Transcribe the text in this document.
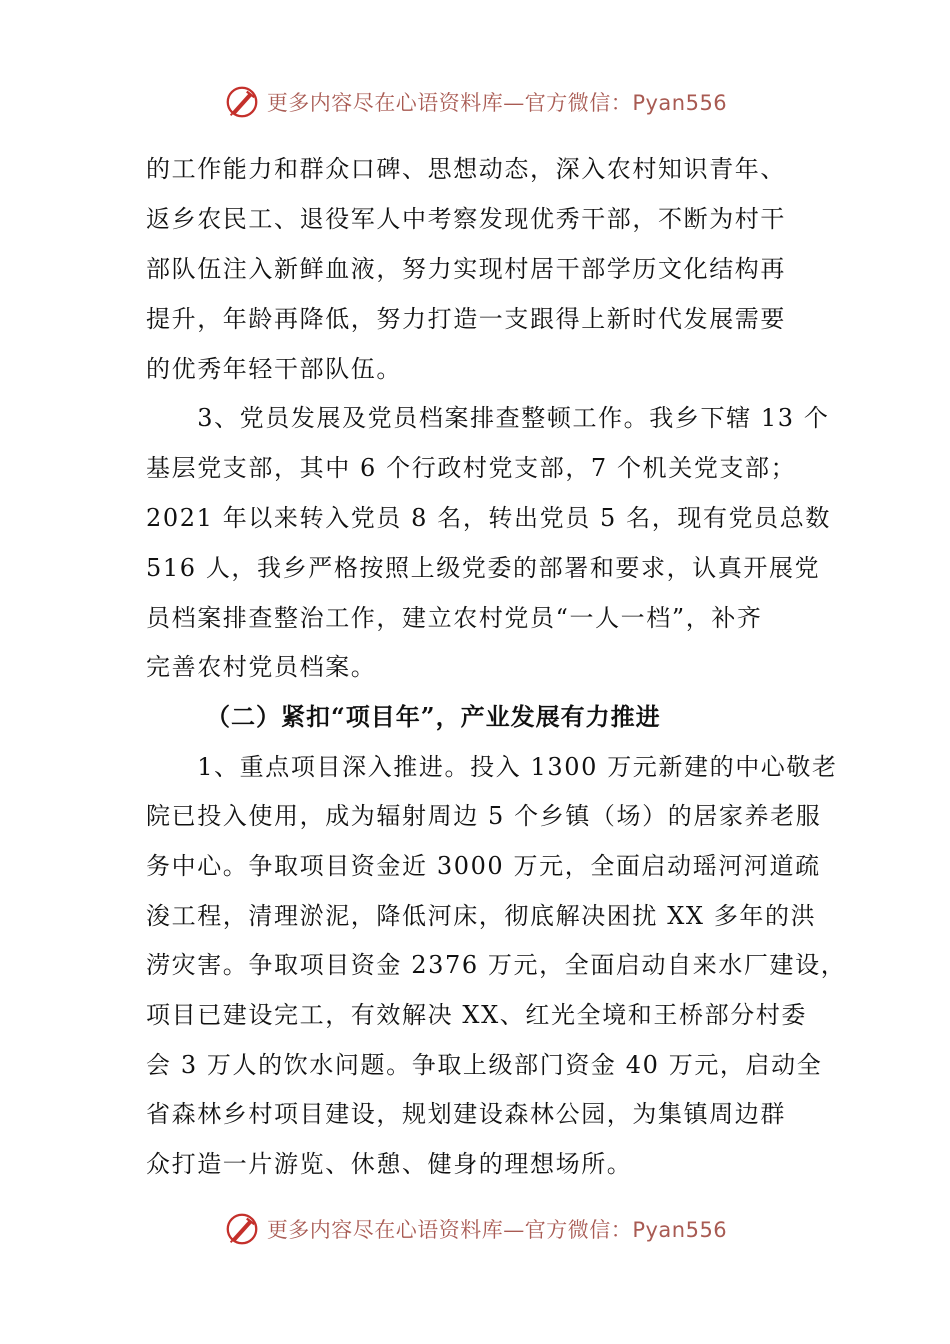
更多内容尽在心语资料库—官方微信：Pyan556
的工作能力和群众口碑、思想动态，深入农村知识青年、
返乡农民工、退役军人中考察发现优秀干部，不断为村干
部队伍注入新鲜血液，努力实现村居干部学历文化结构再
提升，年龄再降低，努力打造一支跟得上新时代发展需要
的优秀年轻干部队伍。
　　3、党员发展及党员档案排查整顿工作。我乡下辖 13 个
基层党支部，其中 6 个行政村党支部，7 个机关党支部；
2021 年以来转入党员 8 名，转出党员 5 名，现有党员总数
516 人，我乡严格按照上级党委的部署和要求，认真开展党
员档案排查整治工作，建立农村党员“一人一档”，补齐
完善农村党员档案。
（二）紧扣“项目年”，产业发展有力推进
　　1、重点项目深入推进。投入 1300 万元新建的中心敬老
院已投入使用，成为辐射周边 5 个乡镇（场）的居家养老服
务中心。争取项目资金近 3000 万元，全面启动瑶河河道疏
浚工程，清理淤泥，降低河床，彻底解决困扰 XX 多年的洪
涝灾害。争取项目资金 2376 万元，全面启动自来水厂建设，
项目已建设完工，有效解决 XX、红光全境和王桥部分村委
会 3 万人的饮水问题。争取上级部门资金 40 万元，启动全
省森林乡村项目建设，规划建设森林公园，为集镇周边群
众打造一片游览、休憩、健身的理想场所。
更多内容尽在心语资料库—官方微信：Pyan556
